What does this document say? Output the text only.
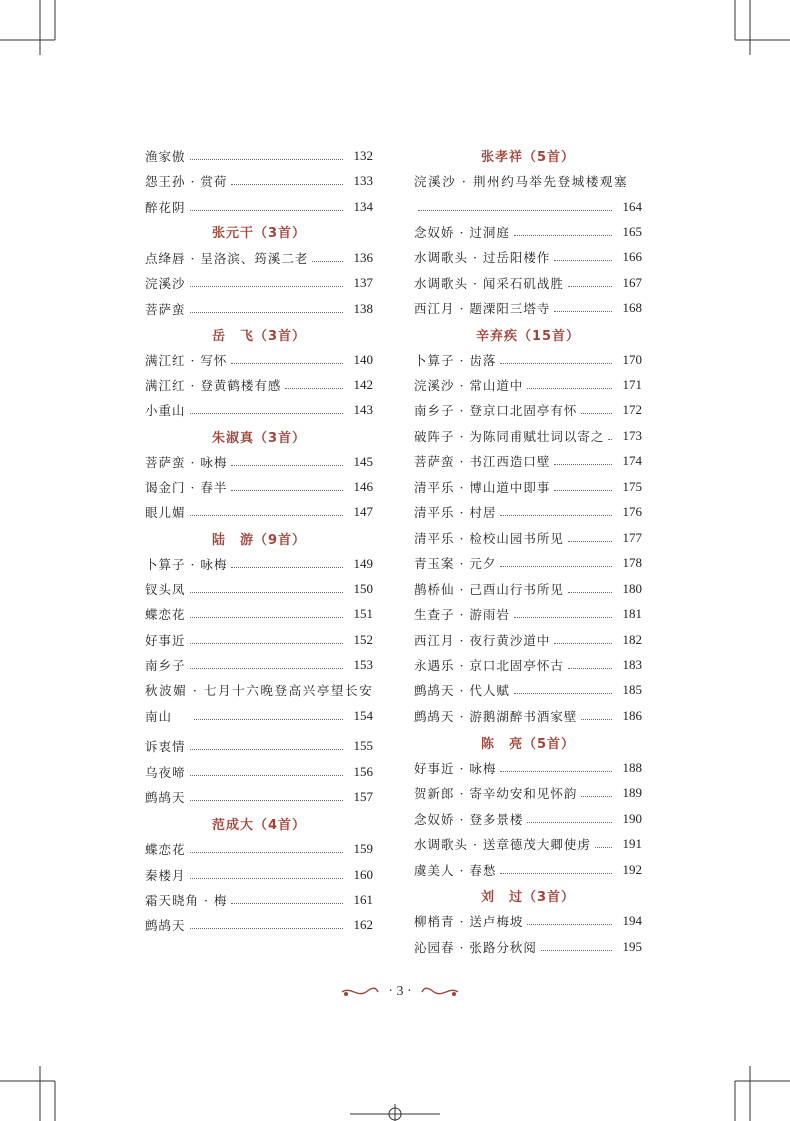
渔家傲	132
怨王孙 · 赏荷	133
醉花阴	134
张元干（3首）
点绛唇 · 呈洛滨、筠溪二老	136
浣溪沙	137
菩萨蛮	138
岳　飞（3首）
满江红 · 写怀	140
满江红 · 登黄鹤楼有感	142
小重山	143
朱淑真（3首）
菩萨蛮 · 咏梅	145
谒金门 · 春半	146
眼儿媚	147
陆　游（9首）
卜算子 · 咏梅	149
钗头凤	150
蝶恋花	151
好事近	152
南乡子	153
秋波媚 · 七月十六晚登高兴亭望长安
南山	154
诉衷情	155
乌夜啼	156
鹧鸪天	157
范成大（4首）
蝶恋花	159
秦楼月	160
霜天晓角 · 梅	161
鹧鸪天	162
张孝祥（5首）
浣溪沙 · 荆州约马举先登城楼观塞
164
念奴娇 · 过洞庭	165
水调歌头 · 过岳阳楼作	166
水调歌头 · 闻采石矶战胜	167
西江月 · 题溧阳三塔寺	168
辛弃疾（15首）
卜算子 · 齿落	170
浣溪沙 · 常山道中	171
南乡子 · 登京口北固亭有怀	172
破阵子 · 为陈同甫赋壮词以寄之	173
菩萨蛮 · 书江西造口壁	174
清平乐 · 博山道中即事	175
清平乐 · 村居	176
清平乐 · 检校山园书所见	177
青玉案 · 元夕	178
鹊桥仙 · 己酉山行书所见	180
生查子 · 游雨岩	181
西江月 · 夜行黄沙道中	182
永遇乐 · 京口北固亭怀古	183
鹧鸪天 · 代人赋	185
鹧鸪天 · 游鹅湖醉书酒家壁	186
陈　亮（5首）
好事近 · 咏梅	188
贺新郎 · 寄辛幼安和见怀韵	189
念奴娇 · 登多景楼	190
水调歌头 · 送章德茂大卿使虏	191
虞美人 · 春愁	192
刘　过（3首）
柳梢青 · 送卢梅坡	194
沁园春 · 张路分秋阅	195
· 3 ·
